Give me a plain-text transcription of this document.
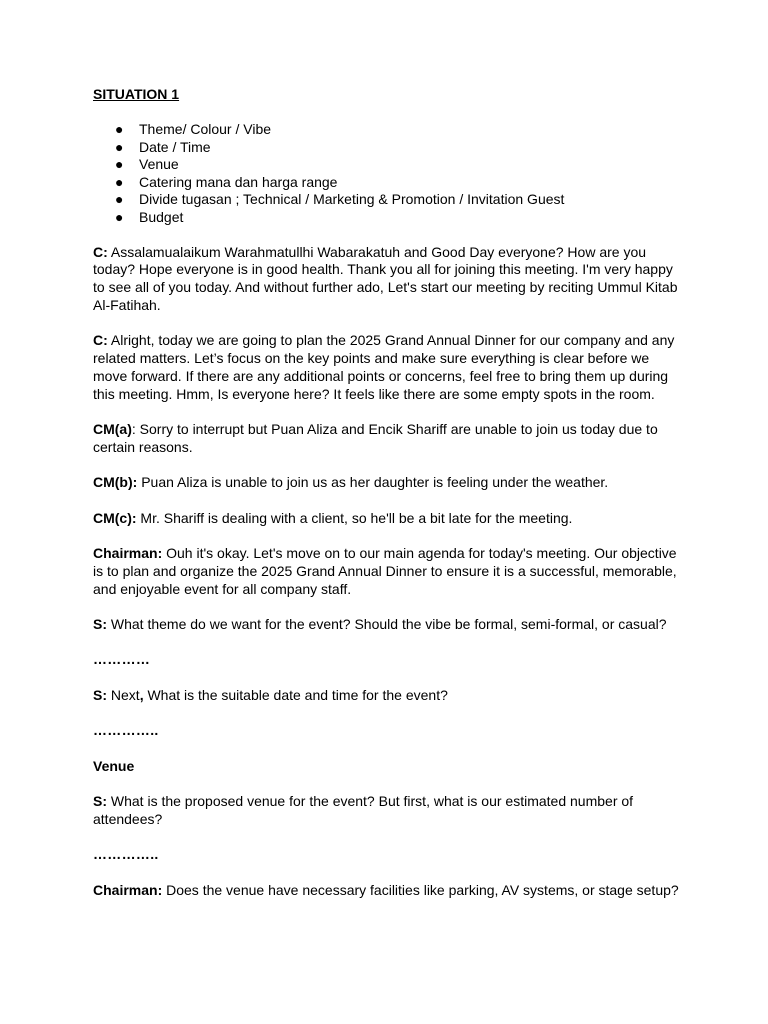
SITUATION 1
● Theme/ Colour / Vibe
● Date / Time
● Venue
● Catering mana dan harga range
● Divide tugasan ; Technical / Marketing & Promotion / Invitation Guest
● Budget

C: Assalamualaikum Warahmatullhi Wabarakatuh and Good Day everyone? How are you today? Hope everyone is in good health. Thank you all for joining this meeting. I'm very happy to see all of you today. And without further ado, Let's start our meeting by reciting Ummul Kitab Al-Fatihah.

C: Alright, today we are going to plan the 2025 Grand Annual Dinner for our company and any related matters. Let’s focus on the key points and make sure everything is clear before we move forward. If there are any additional points or concerns, feel free to bring them up during this meeting. Hmm, Is everyone here? It feels like there are some empty spots in the room.

CM(a): Sorry to interrupt but Puan Aliza and Encik Shariff are unable to join us today due to certain reasons.

CM(b): Puan Aliza is unable to join us as her daughter is feeling under the weather.

CM(c): Mr. Shariff is dealing with a client, so he'll be a bit late for the meeting.

Chairman: Ouh it's okay. Let's move on to our main agenda for today's meeting. Our objective is to plan and organize the 2025 Grand Annual Dinner to ensure it is a successful, memorable, and enjoyable event for all company staff.

S: What theme do we want for the event? Should the vibe be formal, semi-formal, or casual?

…………

S: Next, What is the suitable date and time for the event?

…………..

Venue

S: What is the proposed venue for the event? But first, what is our estimated number of attendees?

…………..

Chairman: Does the venue have necessary facilities like parking, AV systems, or stage setup?
